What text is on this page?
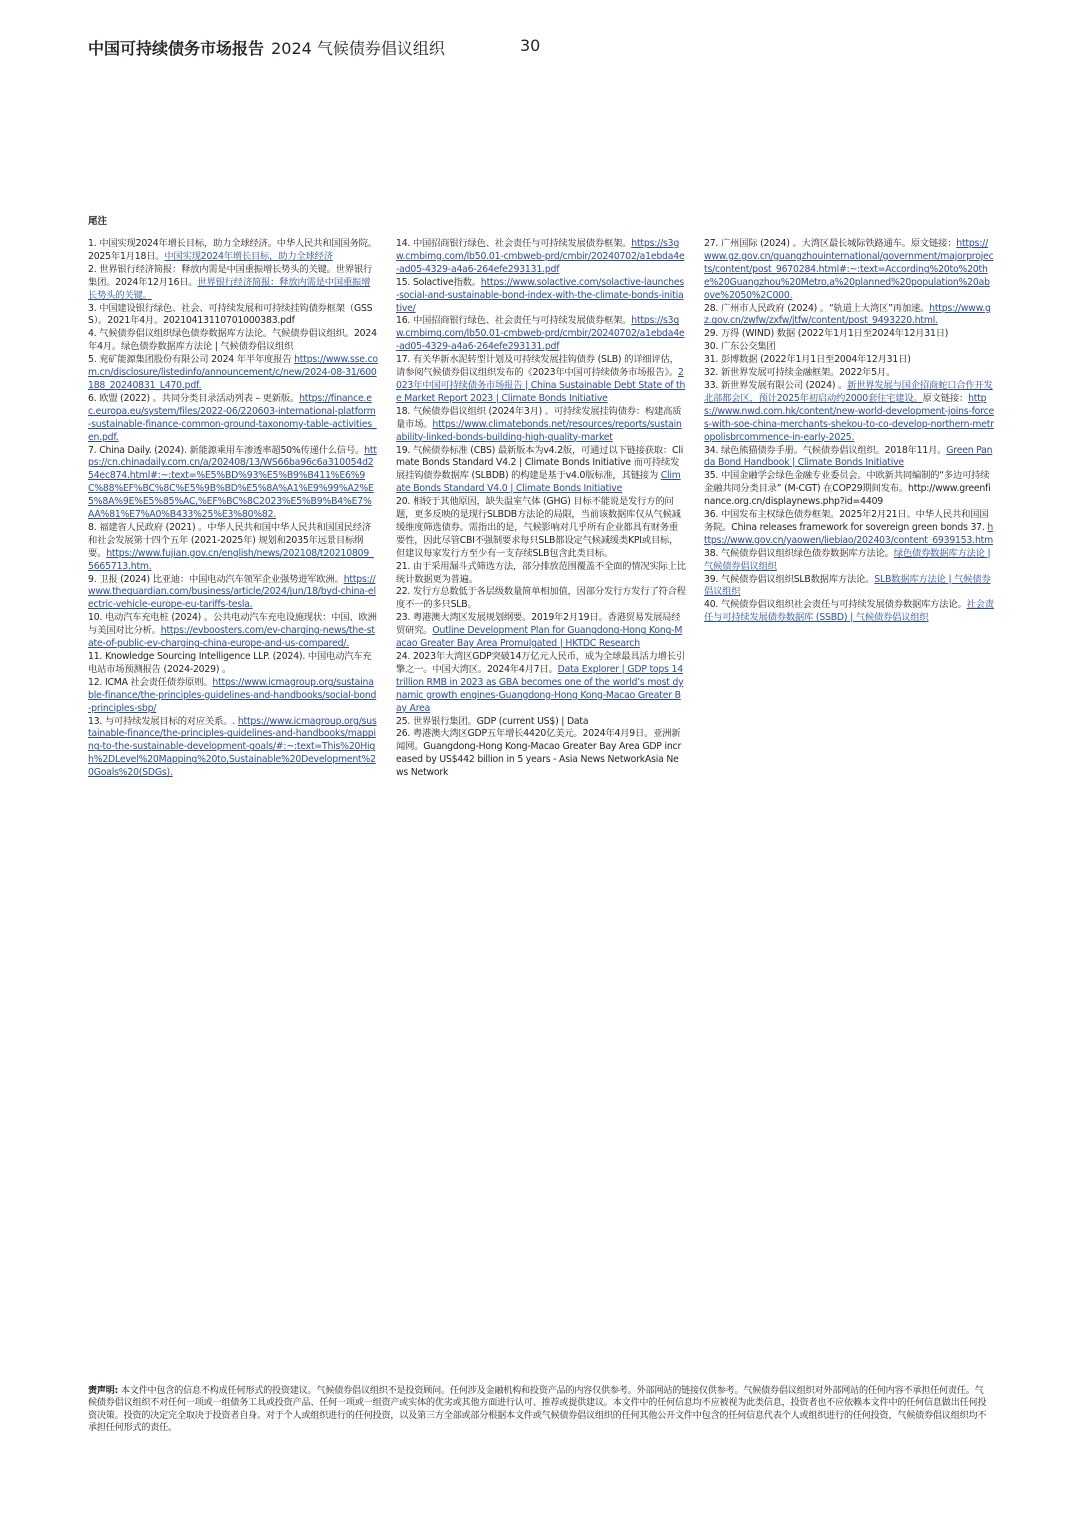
中国可持续债务市场报告 2024 气候债券倡议组织	30
尾注

1. 中国实现2024年增长目标，助力全球经济。中华人民共和国国务院。2025年1月18日。中国实现2024年增长目标，助力全球经济

2. 世界银行经济简报：释放内需是中国重振增长势头的关键。世界银行集团。2024年12月16日。世界银行经济简报：释放内需是中国重振增长势头的关键。

3. 中国建设银行绿色、社会、可持续发展和可持续挂钩债券框架（GSSS）。2021年4月。20210413110701000383.pdf

4. 气候债券倡议组织绿色债券数据库方法论。气候债券倡议组织。2024年4月。绿色债券数据库方法论 | 气候债券倡议组织

5. 兖矿能源集团股份有限公司 2024 年半年度报告 https://www.sse.com.cn/disclosure/listedinfo/announcement/c/new/2024-08-31/600188_20240831_L470.pdf.

6. 欧盟 (2022) 。共同分类目录活动列表 – 更新版。https://finance.ec.europa.eu/system/files/2022-06/220603-international-platform-sustainable-finance-common-ground-taxonomy-table-activities_en.pdf.

7. China Daily. (2024). 新能源乘用车渗透率超50%传递什么信号。https://cn.chinadaily.com.cn/a/202408/13/WS66ba96c6a310054d254ec874.html#:~:text=%E5%BD%93%E5%B9%B411%E6%9C%88%EF%BC%8C%E5%9B%BD%E5%8A%A1%E9%99%A2%E5%8A%9E%E5%85%AC,%EF%BC%8C2023%E5%B9%B4%E7%AA%81%E7%A0%B433%25%E3%80%82.

8. 福建省人民政府 (2021) 。中华人民共和国中华人民共和国国民经济和社会发展第十四个五年 (2021-2025年) 规划和2035年远景目标纲要。https://www.fujian.gov.cn/english/news/202108/t20210809_5665713.htm.

9. 卫报 (2024) 比亚迪：中国电动汽车领军企业强势进军欧洲。https://www.theguardian.com/business/article/2024/jun/18/byd-china-electric-vehicle-europe-eu-tariffs-tesla.

10. 电动汽车充电桩 (2024) 。公共电动汽车充电设施现状：中国、欧洲与美国对比分析。https://evboosters.com/ev-charging-news/the-state-of-public-ev-charging-china-europe-and-us-compared/.

11. Knowledge Sourcing Intelligence LLP. (2024). 中国电动汽车充电站市场预测报告 (2024-2029) 。

12. ICMA 社会责任债券原则。https://www.icmagroup.org/sustainable-finance/the-principles-guidelines-and-handbooks/social-bond-principles-sbp/

13. 与可持续发展目标的对应关系。. https://www.icmagroup.org/sustainable-finance/the-principles-guidelines-and-handbooks/mapping-to-the-sustainable-development-goals/#:~:text=This%20High%2DLevel%20Mapping%20to,Sustainable%20Development%20Goals%20(SDGs).

14. 中国招商银行绿色、社会责任与可持续发展债券框架。https://s3gw.cmbimg.com/lb50.01-cmbweb-prd/cmbir/20240702/a1ebda4e-ad05-4329-a4a6-264efe293131.pdf

15. Solactive指数。https://www.solactive.com/solactive-launches-social-and-sustainable-bond-index-with-the-climate-bonds-initiative/

16. 中国招商银行绿色、社会责任与可持续发展债券框架。https://s3gw.cmbimg.com/lb50.01-cmbweb-prd/cmbir/20240702/a1ebda4e-ad05-4329-a4a6-264efe293131.pdf

17. 有关华新水泥转型计划及可持续发展挂钩债券 (SLB) 的详细评估，请参阅气候债券倡议组织发布的《2023年中国可持续债务市场报告》。2023年中国可持续债务市场报告 | China Sustainable Debt State of the Market Report 2023 | Climate Bonds Initiative

18. 气候债券倡议组织 (2024年3月) 。可持续发展挂钩债券：构建高质量市场。https://www.climatebonds.net/resources/reports/sustainability-linked-bonds-building-high-quality-market

19. 气候债券标准 (CBS) 最新版本为v4.2版，可通过以下链接获取：Climate Bonds Standard V4.2 | Climate Bonds Initiative 而可持续发展挂钩债券数据库 (SLBDB) 的构建是基于v4.0版标准，其链接为 Climate Bonds Standard V4.0 | Climate Bonds Initiative

20. 相较于其他原因，缺失温室气体 (GHG) 目标不能说是发行方的问题，更多反映的是现行SLBDB方法论的局限，当前该数据库仅从气候减缓维度筛选债券。需指出的是，气候影响对几乎所有企业都具有财务重要性，因此尽管CBI不强制要求每只SLB都设定气候减缓类KPI或目标，但建议每家发行方至少有一支存续SLB包含此类目标。

21. 由于采用漏斗式筛选方法，部分排放范围覆盖不全面的情况实际上比统计数据更为普遍。

22. 发行方总数低于各层级数量简单相加值，因部分发行方发行了符合程度不一的多只SLB。

23. 粤港澳大湾区发展规划纲要。2019年2月19日。香港贸易发展局经贸研究。Outline Development Plan for Guangdong-Hong Kong-Macao Greater Bay Area Promulgated | HKTDC Research

24. 2023年大湾区GDP突破14万亿元人民币，成为全球最具活力增长引擎之一。中国大湾区。2024年4月7日。Data Explorer | GDP tops 14 trillion RMB in 2023 as GBA becomes one of the world’s most dynamic growth engines-Guangdong-Hong Kong-Macao Greater Bay Area

25. 世界银行集团。GDP (current US$) | Data

26. 粤港澳大湾区GDP五年增长4420亿美元。2024年4月9日。亚洲新闻网。Guangdong-Hong Kong-Macao Greater Bay Area GDP increased by US$442 billion in 5 years - Asia News NetworkAsia News Network

27. 广州国际 (2024) 。大湾区最长城际铁路通车。原文链接：https://www.gz.gov.cn/guangzhouinternational/government/majorprojects/content/post_9670284.html#:~:text=According%20to%20the%20Guangzhou%20Metro,a%20planned%20population%20above%2050%2C000.

28. 广州市人民政府 (2024) 。“轨道上大湾区”再加速。https://www.gz.gov.cn/zwfw/zxfw/jtfw/content/post_9493220.html.

29. 万得 (WIND) 数据 (2022年1月1日至2024年12月31日)

30. 广东公交集团

31. 彭博数据 (2022年1月1日至2004年12月31日)

32. 新世界发展可持续金融框架。2022年5月。

33. 新世界发展有限公司 (2024) 。新世界发展与国企招商蛇口合作开发北部都会区，预计2025年初启动约2000套住宅建设。原文链接：https://www.nwd.com.hk/content/new-world-development-joins-forces-with-soe-china-merchants-shekou-to-co-develop-northern-metropolisbrcommence-in-early-2025.

34. 绿色熊猫债券手册。气候债券倡议组织。2018年11月。Green Panda Bond Handbook | Climate Bonds Initiative

35. 中国金融学会绿色金融专业委员会。中欧新共同编制的“多边可持续金融共同分类目录” (M-CGT) 在COP29期间发布。http://www.greenfinance.org.cn/displaynews.php?id=4409

36. 中国发布主权绿色债券框架。2025年2月21日。中华人民共和国国务院。China releases framework for sovereign green bonds 37. https://www.gov.cn/yaowen/liebiao/202403/content_6939153.htm

38. 气候债券倡议组织绿色债券数据库方法论。绿色债券数据库方法论 | 气候债券倡议组织

39. 气候债券倡议组织SLB数据库方法论。SLB数据库方法论 | 气候债券倡议组织

40. 气候债券倡议组织社会责任与可持续发展债券数据库方法论。社会责任与可持续发展债券数据库 (SSBD) | 气候债券倡议组织

责声明: 本文件中包含的信息不构成任何形式的投资建议。气候债券倡议组织不是投资顾问。任何涉及金融机构和投资产品的内容仅供参考。外部网站的链接仅供参考。气候债券倡议组织对外部网站的任何内容不承担任何责任。气候债券倡议组织不对任何一项或一组债务工具或投资产品、任何一项或一组资产或实体的优劣或其他方面进行认可、推荐或提供建议。本文件中的任何信息均不应被视为此类信息，投资者也不应依赖本文件中的任何信息做出任何投资决策。投资的决定完全取决于投资者自身。对于个人或组织进行的任何投资，以及第三方全部或部分根据本文件或气候债券倡议组织的任何其他公开文件中包含的任何信息代表个人或组织进行的任何投资，气候债券倡议组织均不承担任何形式的责任。
